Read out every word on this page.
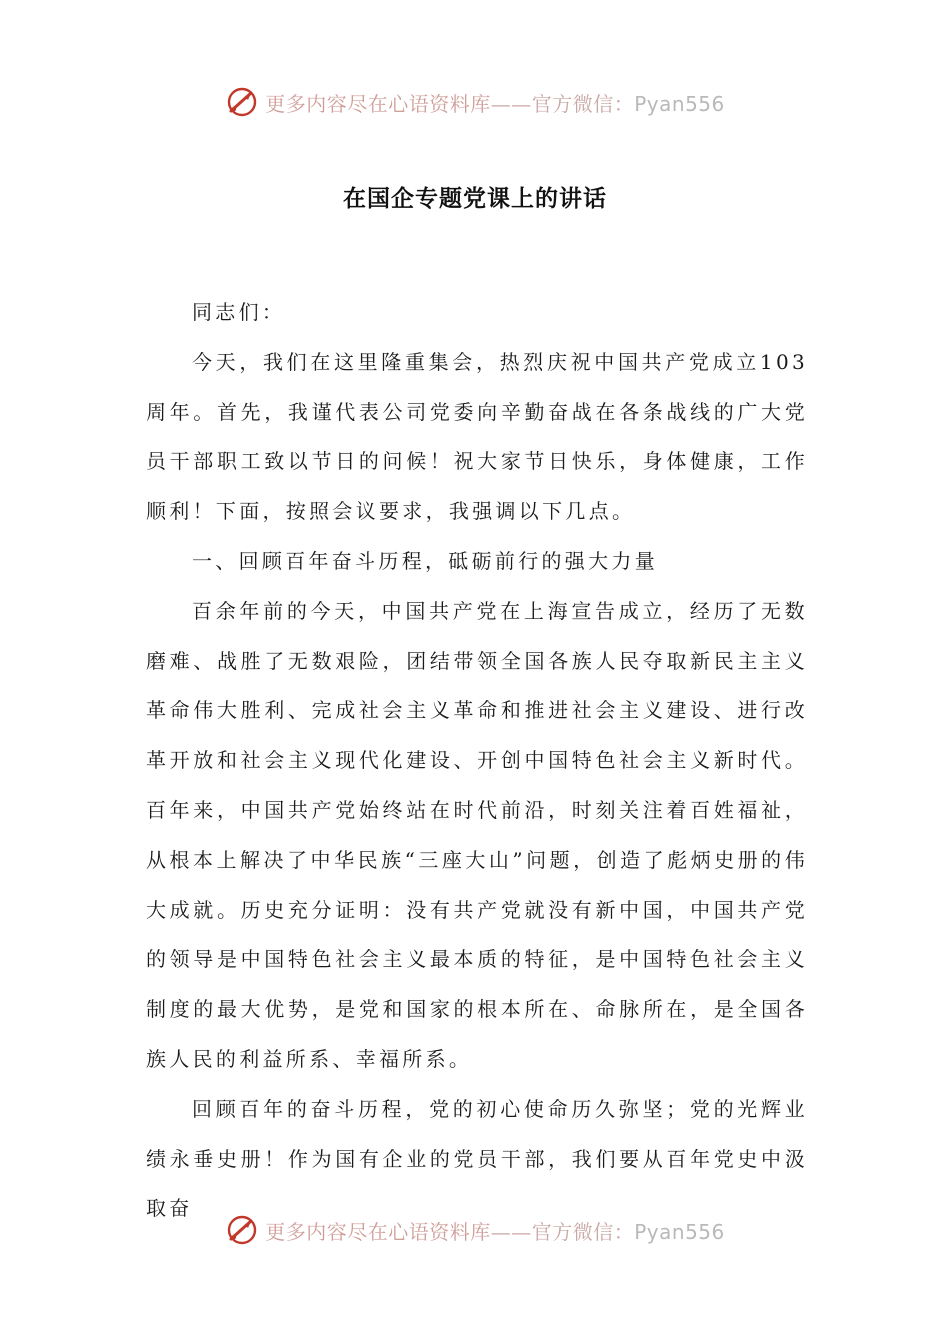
更多内容尽在心语资料库——官方微信：Pyan556
在国企专题党课上的讲话

同志们：

今天，我们在这里隆重集会，热烈庆祝中国共产党成立103周年。首先，我谨代表公司党委向辛勤奋战在各条战线的广大党员干部职工致以节日的问候！祝大家节日快乐，身体健康，工作顺利！下面，按照会议要求，我强调以下几点。

一、回顾百年奋斗历程，砥砺前行的强大力量

百余年前的今天，中国共产党在上海宣告成立，经历了无数磨难、战胜了无数艰险，团结带领全国各族人民夺取新民主主义革命伟大胜利、完成社会主义革命和推进社会主义建设、进行改革开放和社会主义现代化建设、开创中国特色社会主义新时代。百年来，中国共产党始终站在时代前沿，时刻关注着百姓福祉，从根本上解决了中华民族“三座大山”问题，创造了彪炳史册的伟大成就。历史充分证明：没有共产党就没有新中国，中国共产党的领导是中国特色社会主义最本质的特征，是中国特色社会主义制度的最大优势，是党和国家的根本所在、命脉所在，是全国各族人民的利益所系、幸福所系。

回顾百年的奋斗历程，党的初心使命历久弥坚；党的光辉业绩永垂史册！作为国有企业的党员干部，我们要从百年党史中汲取奋

更多内容尽在心语资料库——官方微信：Pyan556
